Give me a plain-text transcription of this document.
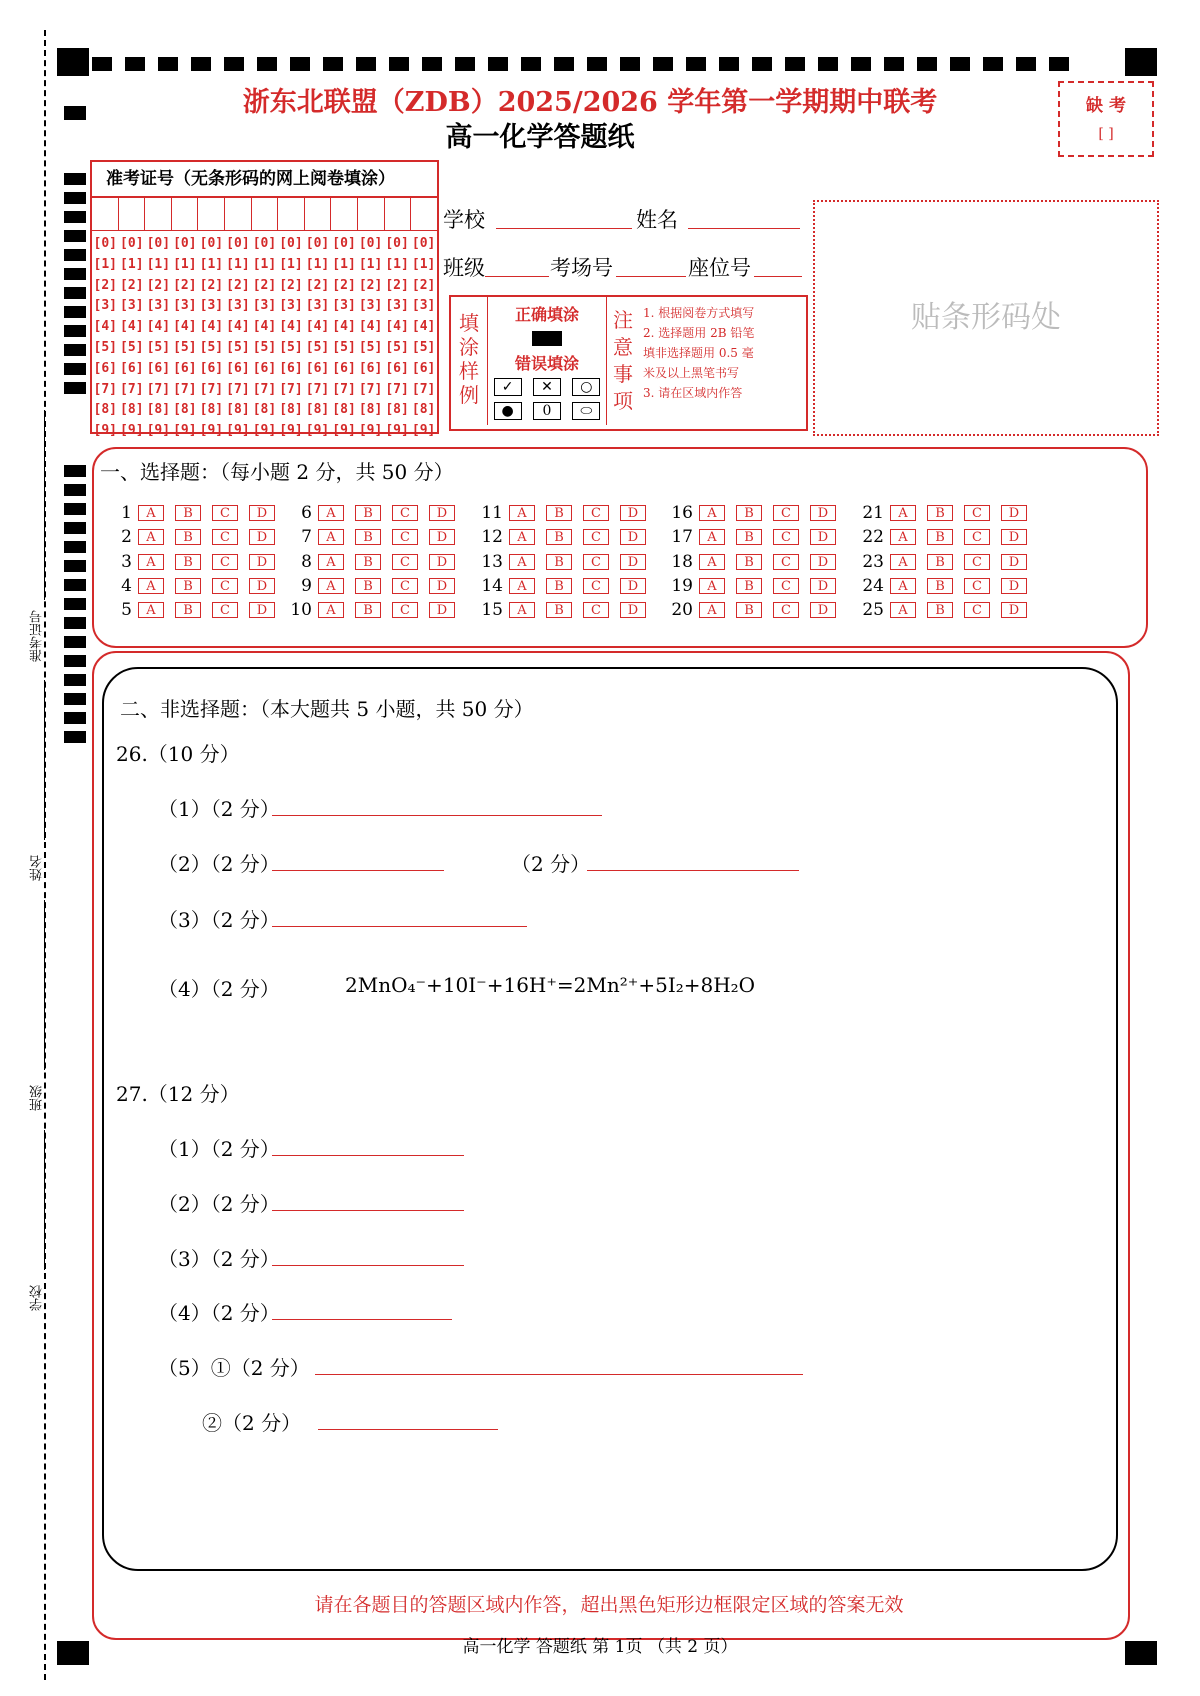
准考证号
姓名
班级
学校
浙东北联盟（ZDB）2025/2026 学年第一学期期中联考
高一化学答题纸
缺 考
[ ]
准考证号（无条形码的网上阅卷填涂）
[0] [0] [0] [0] [0] [0] [0] [0] [0] [0] [0] [0] [0]
[1] [1] [1] [1] [1] [1] [1] [1] [1] [1] [1] [1] [1]
[2] [2] [2] [2] [2] [2] [2] [2] [2] [2] [2] [2] [2]
[3] [3] [3] [3] [3] [3] [3] [3] [3] [3] [3] [3] [3]
[4] [4] [4] [4] [4] [4] [4] [4] [4] [4] [4] [4] [4]
[5] [5] [5] [5] [5] [5] [5] [5] [5] [5] [5] [5] [5]
[6] [6] [6] [6] [6] [6] [6] [6] [6] [6] [6] [6] [6]
[7] [7] [7] [7] [7] [7] [7] [7] [7] [7] [7] [7] [7]
[8] [8] [8] [8] [8] [8] [8] [8] [8] [8] [8] [8] [8]
[9] [9] [9] [9] [9] [9] [9] [9] [9] [9] [9] [9] [9]
学校	姓名
班级	考场号	座位号
填涂样例
正确填涂
错误填涂
✓	✕	○
●	0	⬭
注意事项
1. 根据阅卷方式填写
2. 选择题用 2B 铅笔
填非选择题用 0.5 毫
米及以上黑笔书写
3. 请在区域内作答
贴条形码处
一、选择题：（每小题 2 分，共 50 分）
1	A	B	C	D
2	A	B	C	D
3	A	B	C	D
4	A	B	C	D
5	A	B	C	D
6	A	B	C	D
7	A	B	C	D
8	A	B	C	D
9	A	B	C	D
10	A	B	C	D
11	A	B	C	D
12	A	B	C	D
13	A	B	C	D
14	A	B	C	D
15	A	B	C	D
16	A	B	C	D
17	A	B	C	D
18	A	B	C	D
19	A	B	C	D
20	A	B	C	D
21	A	B	C	D
22	A	B	C	D
23	A	B	C	D
24	A	B	C	D
25	A	B	C	D
二、非选择题：（本大题共 5 小题，共 50 分）
26.（10 分）
（1）（2 分）
（2）（2 分）	（2 分）
（3）（2 分）
（4）（2 分）	2MnO₄⁻+10I⁻+16H⁺=2Mn²⁺+5I₂+8H₂O
27.（12 分）
（1）（2 分）
（2）（2 分）
（3）（2 分）
（4）（2 分）
（5）①（2 分）
②（2 分）
请在各题目的答题区域内作答，超出黑色矩形边框限定区域的答案无效
高一化学 答题纸 第 1页 （共 2 页）
